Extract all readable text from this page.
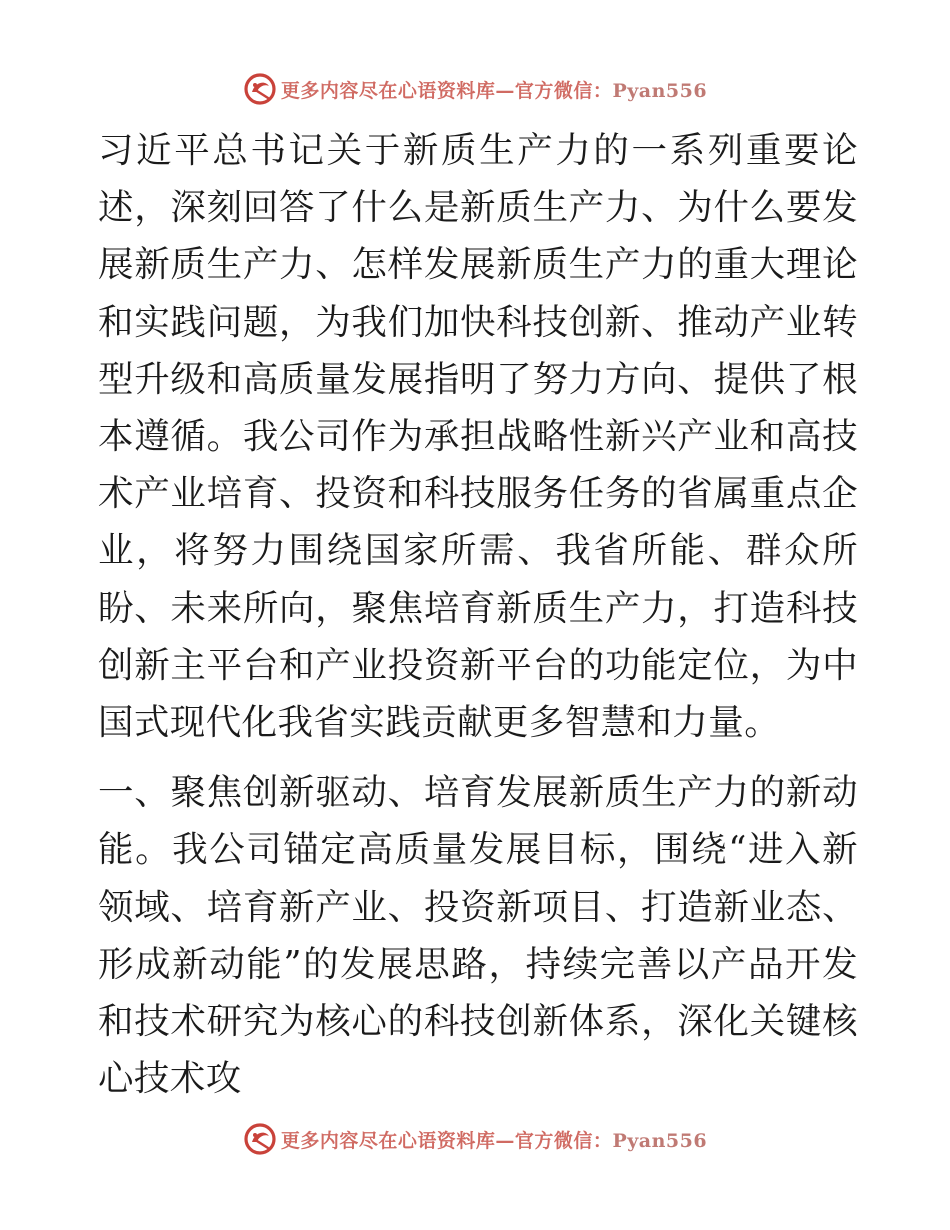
更多内容尽在心语资料库—官方微信：Pyan556

习近平总书记关于新质生产力的一系列重要论述，深刻回答了什么是新质生产力、为什么要发展新质生产力、怎样发展新质生产力的重大理论和实践问题，为我们加快科技创新、推动产业转型升级和高质量发展指明了努力方向、提供了根本遵循。我公司作为承担战略性新兴产业和高技术产业培育、投资和科技服务任务的省属重点企业，将努力围绕国家所需、我省所能、群众所盼、未来所向，聚焦培育新质生产力，打造科技创新主平台和产业投资新平台的功能定位，为中国式现代化我省实践贡献更多智慧和力量。

一、聚焦创新驱动、培育发展新质生产力的新动能。我公司锚定高质量发展目标，围绕“进入新领域、培育新产业、投资新项目、打造新业态、形成新动能”的发展思路，持续完善以产品开发和技术研究为核心的科技创新体系，深化关键核心技术攻

更多内容尽在心语资料库—官方微信：Pyan556
